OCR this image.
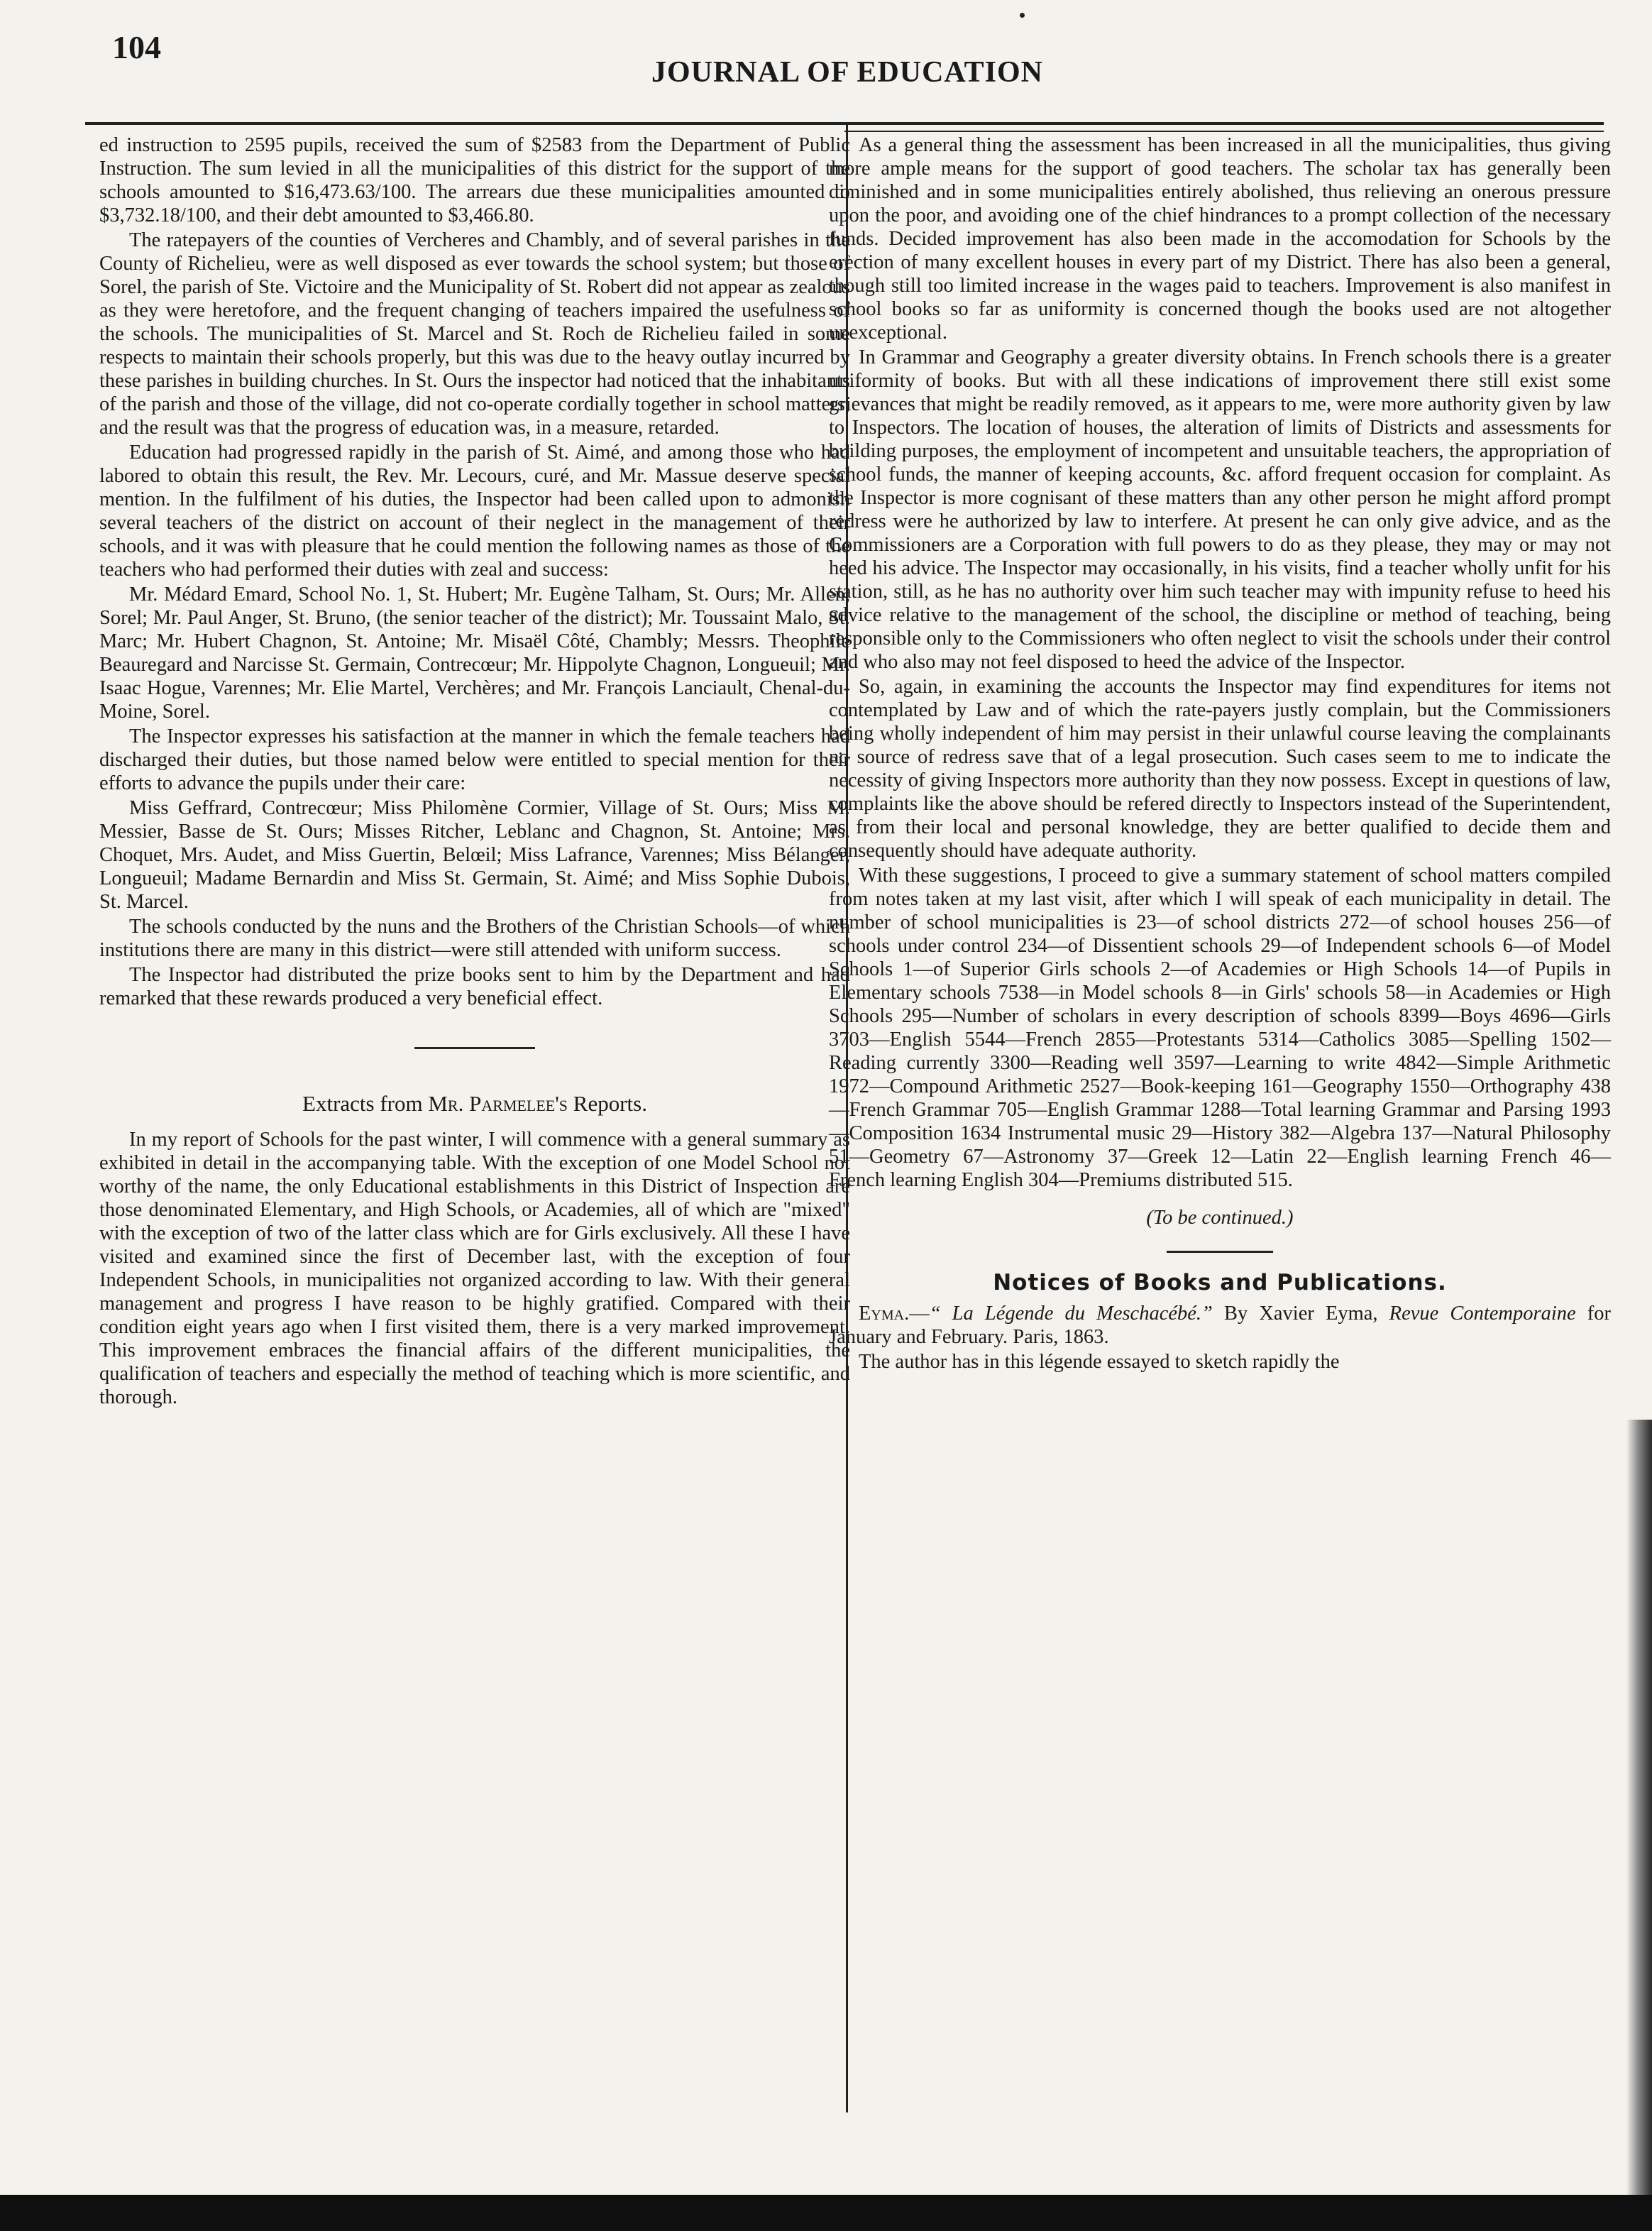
104
JOURNAL OF EDUCATION

ed instruction to 2595 pupils, received the sum of $2583 from the Department of Public Instruction. The sum levied in all the municipalities of this district for the support of the schools amounted to $16,473.63/100. The arrears due these municipalities amounted to $3,732.18/100, and their debt amounted to $3,466.80.

The ratepayers of the counties of Vercheres and Chambly, and of several parishes in the County of Richelieu, were as well disposed as ever towards the school system; but those of Sorel, the parish of Ste. Victoire and the Municipality of St. Robert did not appear as zealous as they were heretofore, and the frequent changing of teachers impaired the usefulness of the schools. The municipalities of St. Marcel and St. Roch de Richelieu failed in some respects to maintain their schools properly, but this was due to the heavy outlay incurred by these parishes in building churches. In St. Ours the inspector had noticed that the inhabitants of the parish and those of the village, did not co-operate cordially together in school matters, and the result was that the progress of education was, in a measure, retarded.

Education had progressed rapidly in the parish of St. Aimé, and among those who had labored to obtain this result, the Rev. Mr. Lecours, curé, and Mr. Massue deserve special mention. In the fulfilment of his duties, the Inspector had been called upon to admonish several teachers of the district on account of their neglect in the management of their schools, and it was with pleasure that he could mention the following names as those of the teachers who had performed their duties with zeal and success:

Mr. Médard Emard, School No. 1, St. Hubert; Mr. Eugène Talham, St. Ours; Mr. Allen, Sorel; Mr. Paul Anger, St. Bruno, (the senior teacher of the district); Mr. Toussaint Malo, St. Marc; Mr. Hubert Chagnon, St. Antoine; Mr. Misaël Côté, Chambly; Messrs. Theophile Beauregard and Narcisse St. Germain, Contrecœur; Mr. Hippolyte Chagnon, Longueuil; Mr. Isaac Hogue, Varennes; Mr. Elie Martel, Verchères; and Mr. François Lanciault, Chenal-du-Moine, Sorel.

The Inspector expresses his satisfaction at the manner in which the female teachers had discharged their duties, but those named below were entitled to special mention for their efforts to advance the pupils under their care:

Miss Geffrard, Contrecœur; Miss Philomène Cormier, Village of St. Ours; Miss M. Messier, Basse de St. Ours; Misses Ritcher, Leblanc and Chagnon, St. Antoine; Mrs. Choquet, Mrs. Audet, and Miss Guertin, Belœil; Miss Lafrance, Varennes; Miss Bélanger, Longueuil; Madame Bernardin and Miss St. Germain, St. Aimé; and Miss Sophie Dubois, St. Marcel.

The schools conducted by the nuns and the Brothers of the Christian Schools—of which institutions there are many in this district—were still attended with uniform success.

The Inspector had distributed the prize books sent to him by the Department and had remarked that these rewards produced a very beneficial effect.

Extracts from Mr. Parmelee's Reports.

In my report of Schools for the past winter, I will commence with a general summary as exhibited in detail in the accompanying table. With the exception of one Model School not worthy of the name, the only Educational establishments in this District of Inspection are those denominated Elementary, and High Schools, or Academies, all of which are "mixed" with the exception of two of the latter class which are for Girls exclusively. All these I have visited and examined since the first of December last, with the exception of four Independent Schools, in municipalities not organized according to law. With their general management and progress I have reason to be highly gratified. Compared with their condition eight years ago when I first visited them, there is a very marked improvement. This improvement embraces the financial affairs of the different municipalities, the qualification of teachers and especially the method of teaching which is more scientific, and thorough.

As a general thing the assessment has been increased in all the municipalities, thus giving more ample means for the support of good teachers. The scholar tax has generally been diminished and in some municipalities entirely abolished, thus relieving an onerous pressure upon the poor, and avoiding one of the chief hindrances to a prompt collection of the necessary funds. Decided improvement has also been made in the accomodation for Schools by the erection of many excellent houses in every part of my District. There has also been a general, though still too limited increase in the wages paid to teachers. Improvement is also manifest in school books so far as uniformity is concerned though the books used are not altogether unexceptional.

In Grammar and Geography a greater diversity obtains. In French schools there is a greater uniformity of books. But with all these indications of improvement there still exist some grievances that might be readily removed, as it appears to me, were more authority given by law to Inspectors. The location of houses, the alteration of limits of Districts and assessments for building purposes, the employment of incompetent and unsuitable teachers, the appropriation of school funds, the manner of keeping accounts, &c. afford frequent occasion for complaint. As the Inspector is more cognisant of these matters than any other person he might afford prompt redress were he authorized by law to interfere. At present he can only give advice, and as the Commissioners are a Corporation with full powers to do as they please, they may or may not heed his advice. The Inspector may occasionally, in his visits, find a teacher wholly unfit for his station, still, as he has no authority over him such teacher may with impunity refuse to heed his advice relative to the management of the school, the discipline or method of teaching, being responsible only to the Commissioners who often neglect to visit the schools under their control and who also may not feel disposed to heed the advice of the Inspector.

So, again, in examining the accounts the Inspector may find expenditures for items not contemplated by Law and of which the rate-payers justly complain, but the Commissioners being wholly independent of him may persist in their unlawful course leaving the complainants no source of redress save that of a legal prosecution. Such cases seem to me to indicate the necessity of giving Inspectors more authority than they now possess. Except in questions of law, complaints like the above should be refered directly to Inspectors instead of the Superintendent, as from their local and personal knowledge, they are better qualified to decide them and consequently should have adequate authority.

With these suggestions, I proceed to give a summary statement of school matters compiled from notes taken at my last visit, after which I will speak of each municipality in detail. The number of school municipalities is 23—of school districts 272—of school houses 256—of schools under control 234—of Dissentient schools 29—of Independent schools 6—of Model Schools 1—of Superior Girls schools 2—of Academies or High Schools 14—of Pupils in Elementary schools 7538—in Model schools 8—in Girls' schools 58—in Academies or High Schools 295—Number of scholars in every description of schools 8399—Boys 4696—Girls 3703—English 5544—French 2855—Protestants 5314—Catholics 3085—Spelling 1502—Reading currently 3300—Reading well 3597—Learning to write 4842—Simple Arithmetic 1972—Compound Arithmetic 2527—Book-keeping 161—Geography 1550—Orthography 438—French Grammar 705—English Grammar 1288—Total learning Grammar and Parsing 1993—Composition 1634 Instrumental music 29—History 382—Algebra 137—Natural Philosophy 51—Geometry 67—Astronomy 37—Greek 12—Latin 22—English learning French 46—French learning English 304—Premiums distributed 515.

(To be continued.)

Notices of Books and Publications.

Eyma.—“ La Légende du Meschacébé.” By Xavier Eyma, Revue Contemporaine for January and February. Paris, 1863.

The author has in this légende essayed to sketch rapidly the
